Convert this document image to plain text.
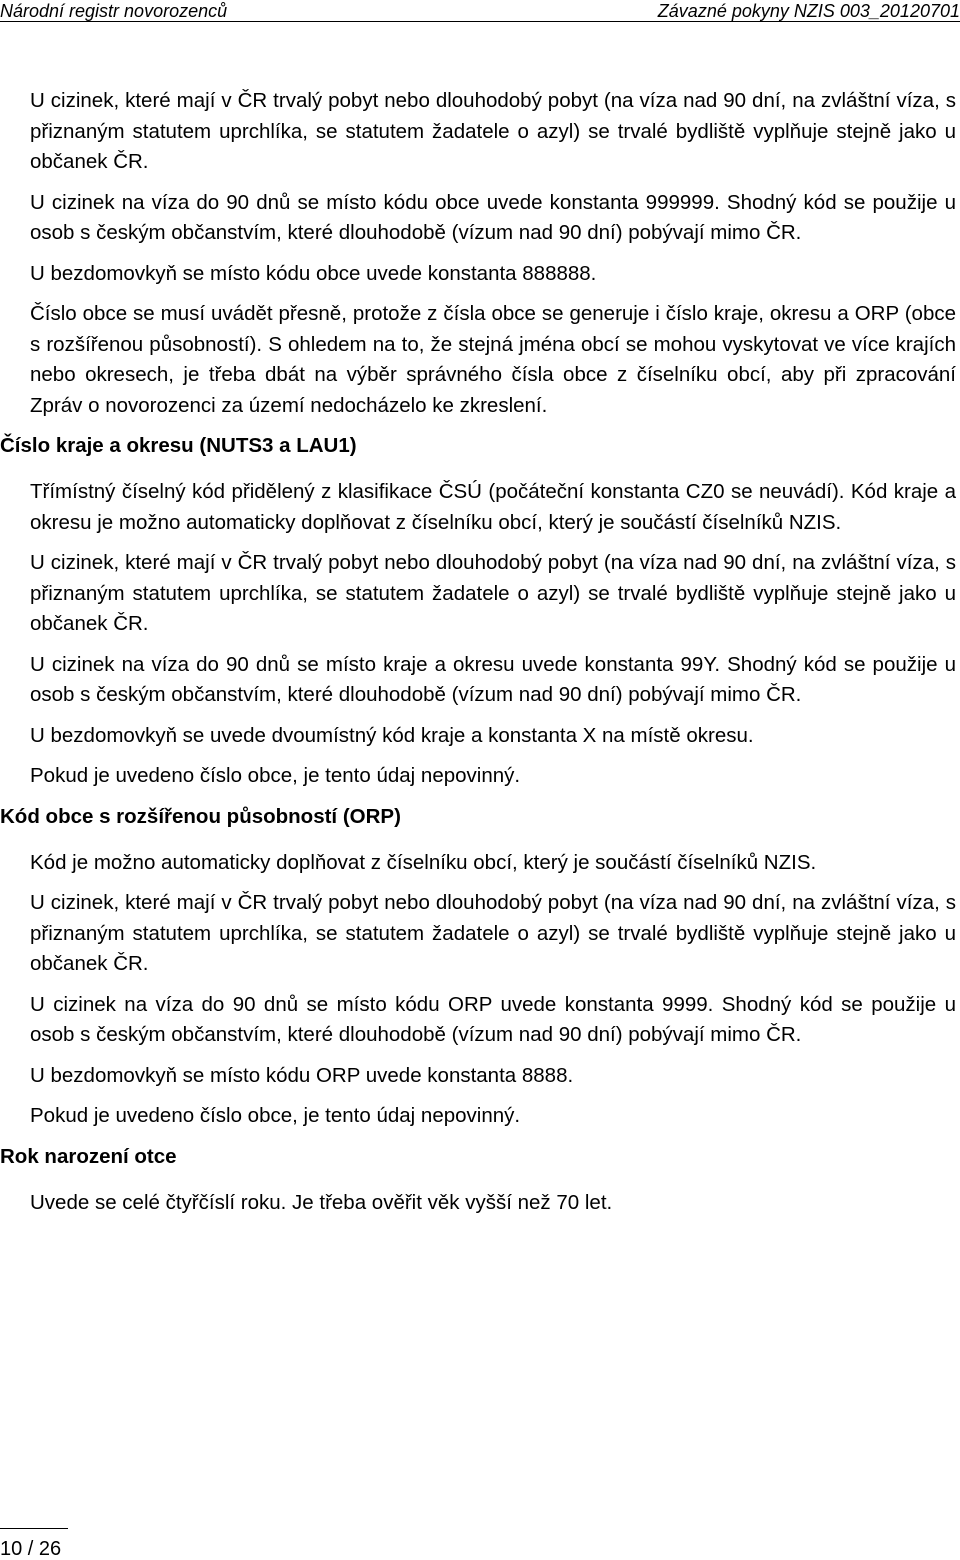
Národní registr novorozenců	Závazné pokyny NZIS 003_20120701

U cizinek, které mají v ČR trvalý pobyt nebo dlouhodobý pobyt (na víza nad 90 dní, na zvláštní víza, s přiznaným statutem uprchlíka, se statutem žadatele o azyl) se trvalé bydliště vyplňuje stejně jako u občanek ČR.

U cizinek na víza do 90 dnů se místo kódu obce uvede konstanta 999999. Shodný kód se použije u osob s českým občanstvím, které dlouhodobě (vízum nad 90 dní) pobývají mimo ČR.

U bezdomovkyň se místo kódu obce uvede konstanta 888888.

Číslo obce se musí uvádět přesně, protože z čísla obce se generuje i číslo kraje, okresu a ORP (obce s rozšířenou působností). S ohledem na to, že stejná jména obcí se mohou vyskytovat ve více krajích nebo okresech, je třeba dbát na výběr správného čísla obce z číselníku obcí, aby při zpracování Zpráv o novorozenci za území nedocházelo ke zkreslení.

Číslo kraje a okresu (NUTS3 a LAU1)

Třímístný číselný kód přidělený z klasifikace ČSÚ (počáteční konstanta CZ0 se neuvádí). Kód kraje a okresu je možno automaticky doplňovat z číselníku obcí, který je součástí číselníků NZIS.

U cizinek, které mají v ČR trvalý pobyt nebo dlouhodobý pobyt (na víza nad 90 dní, na zvláštní víza, s přiznaným statutem uprchlíka, se statutem žadatele o azyl) se trvalé bydliště vyplňuje stejně jako u občanek ČR.

U cizinek na víza do 90 dnů se místo kraje a okresu uvede konstanta 99Y. Shodný kód se použije u osob s českým občanstvím, které dlouhodobě (vízum nad 90 dní) pobývají mimo ČR.

U bezdomovkyň se uvede dvoumístný kód kraje a konstanta X na místě okresu.

Pokud je uvedeno číslo obce, je tento údaj nepovinný.

Kód obce s rozšířenou působností (ORP)

Kód je možno automaticky doplňovat z číselníku obcí, který je součástí číselníků NZIS.

U cizinek, které mají v ČR trvalý pobyt nebo dlouhodobý pobyt (na víza nad 90 dní, na zvláštní víza, s přiznaným statutem uprchlíka, se statutem žadatele o azyl) se trvalé bydliště vyplňuje stejně jako u občanek ČR.

U cizinek na víza do 90 dnů se místo kódu ORP uvede konstanta 9999. Shodný kód se použije u osob s českým občanstvím, které dlouhodobě (vízum nad 90 dní) pobývají mimo ČR.

U bezdomovkyň se místo kódu ORP uvede konstanta 8888.

Pokud je uvedeno číslo obce, je tento údaj nepovinný.

Rok narození otce

Uvede se celé čtyřčíslí roku. Je třeba ověřit věk vyšší než 70 let.

10 / 26
